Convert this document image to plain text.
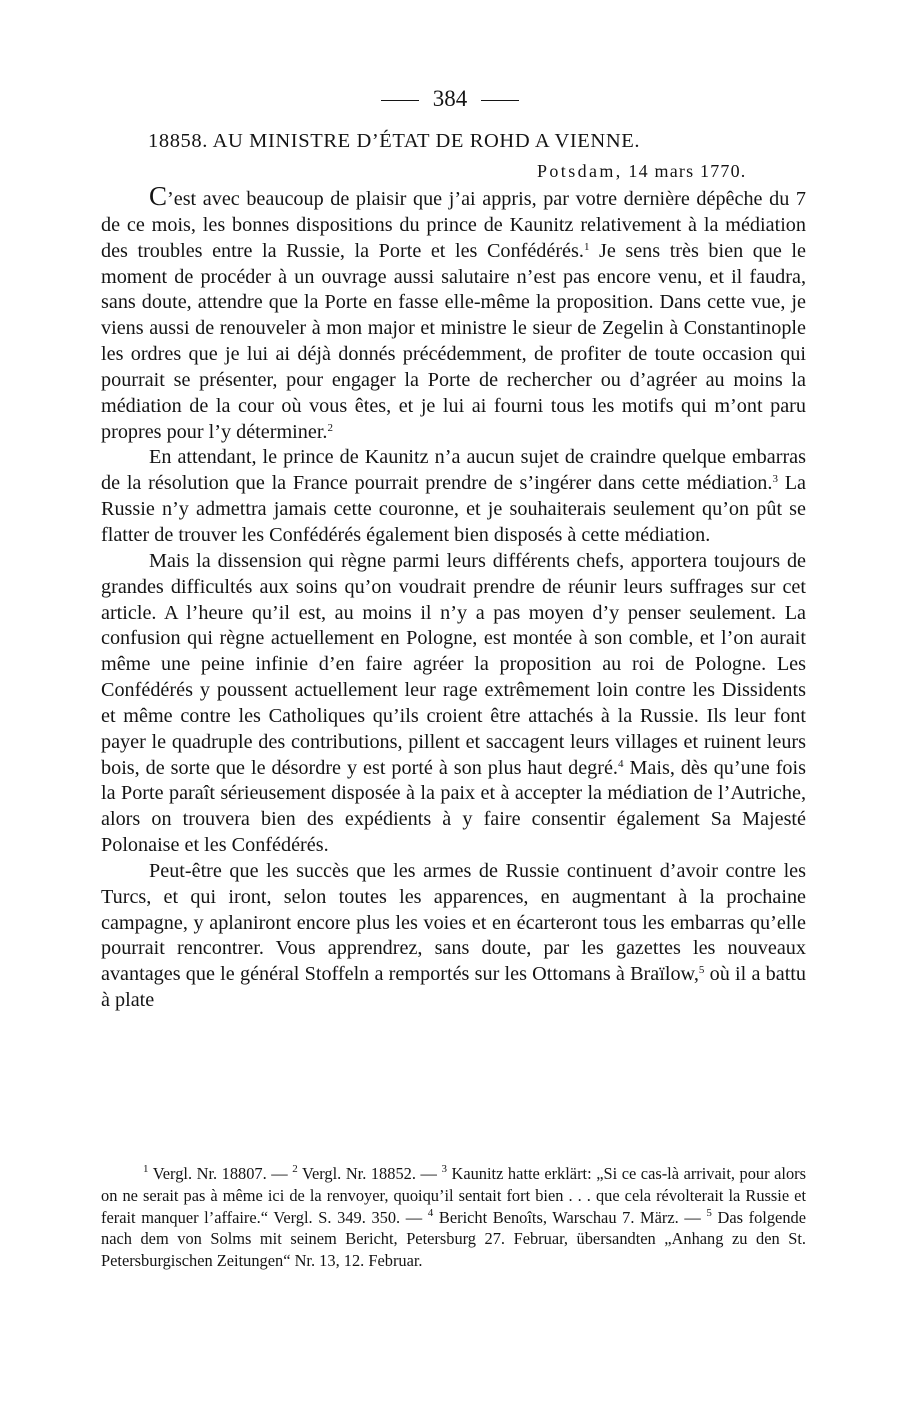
384
18858. AU MINISTRE D’ÉTAT DE ROHD A VIENNE.
Potsdam, 14 mars 1770.

C’est avec beaucoup de plaisir que j’ai appris, par votre dernière dépêche du 7 de ce mois, les bonnes dispositions du prince de Kaunitz relativement à la médiation des troubles entre la Russie, la Porte et les Confédérés.$^1$ Je sens très bien que le moment de procéder à un ouvrage aussi salutaire n’est pas encore venu, et il faudra, sans doute, attendre que la Porte en fasse elle-même la proposition. Dans cette vue, je viens aussi de renouveler à mon major et ministre le sieur de Zegelin à Constantinople les ordres que je lui ai déjà donnés précédemment, de profiter de toute occasion qui pourrait se présenter, pour engager la Porte de rechercher ou d’agréer au moins la médiation de la cour où vous êtes, et je lui ai fourni tous les motifs qui m’ont paru propres pour l’y déterminer.$^2$

En attendant, le prince de Kaunitz n’a aucun sujet de craindre quelque embarras de la résolution que la France pourrait prendre de s’ingérer dans cette médiation.$^3$ La Russie n’y admettra jamais cette couronne, et je souhaiterais seulement qu’on pût se flatter de trouver les Confédérés également bien disposés à cette médiation.

Mais la dissension qui règne parmi leurs différents chefs, apportera toujours de grandes difficultés aux soins qu’on voudrait prendre de réunir leurs suffrages sur cet article. A l’heure qu’il est, au moins il n’y a pas moyen d’y penser seulement. La confusion qui règne actuellement en Pologne, est montée à son comble, et l’on aurait même une peine infinie d’en faire agréer la proposition au roi de Pologne. Les Confédérés y poussent actuellement leur rage extrêmement loin contre les Dissidents et même contre les Catholiques qu’ils croient être attachés à la Russie. Ils leur font payer le quadruple des contributions, pillent et saccagent leurs villages et ruinent leurs bois, de sorte que le désordre y est porté à son plus haut degré.$^4$ Mais, dès qu’une fois la Porte paraît sérieusement disposée à la paix et à accepter la médiation de l’Autriche, alors on trouvera bien des expédients à y faire consentir également Sa Majesté Polonaise et les Confédérés.

Peut-être que les succès que les armes de Russie continuent d’avoir contre les Turcs, et qui iront, selon toutes les apparences, en augmentant à la prochaine campagne, y aplaniront encore plus les voies et en écarteront tous les embarras qu’elle pourrait rencontrer. Vous apprendrez, sans doute, par les gazettes les nouveaux avantages que le général Stoffeln a remportés sur les Ottomans à Braïlow,$^5$ où il a battu à plate

$^1$ Vergl. Nr. 18807. — $^2$ Vergl. Nr. 18852. — $^3$ Kaunitz hatte erklärt: „Si ce cas-là arrivait, pour alors on ne serait pas à même ici de la renvoyer, quoiqu’il sentait fort bien . . . que cela révolterait la Russie et ferait manquer l’affaire.“ Vergl. S. 349. 350. — $^4$ Bericht Benoîts, Warschau 7. März. — $^5$ Das folgende nach dem von Solms mit seinem Bericht, Petersburg 27. Februar, übersandten „Anhang zu den St. Petersburgischen Zeitungen“ Nr. 13, 12. Februar.
